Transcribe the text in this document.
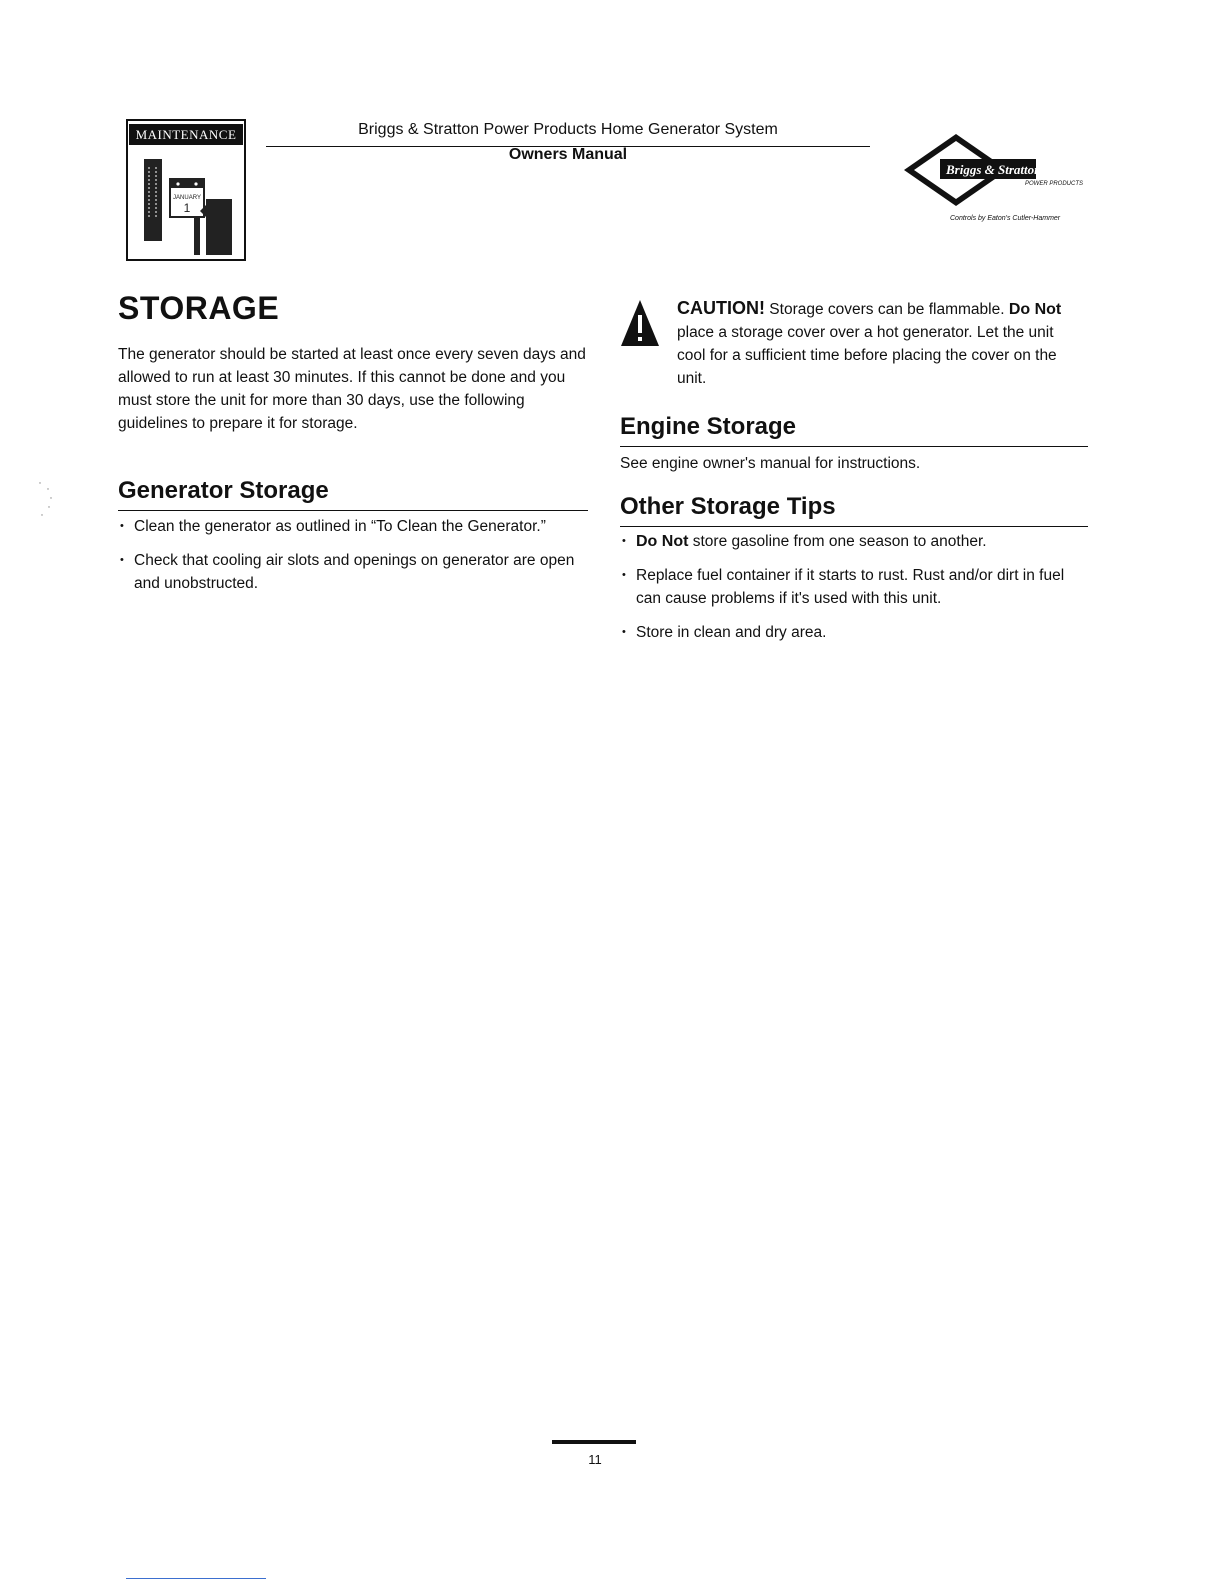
MAINTENANCE
JANUARY
1
Briggs & Stratton Power Products Home Generator System
Owners Manual
Briggs & Stratton
POWER PRODUCTS
Controls by Eaton's Cutler-Hammer
STORAGE
The generator should be started at least once every seven days and allowed to run at least 30 minutes. If this cannot be done and you must store the unit for more than 30 days, use the following guidelines to prepare it for storage.
Generator Storage
• Clean the generator as outlined in “To Clean the Generator.”
• Check that cooling air slots and openings on generator are open and unobstructed.
CAUTION! Storage covers can be flammable. Do Not place a storage cover over a hot generator. Let the unit cool for a sufficient time before placing the cover on the unit.
Engine Storage
See engine owner's manual for instructions.
Other Storage Tips
• Do Not store gasoline from one season to another.
• Replace fuel container if it starts to rust. Rust and/or dirt in fuel can cause problems if it's used with this unit.
• Store in clean and dry area.
11
